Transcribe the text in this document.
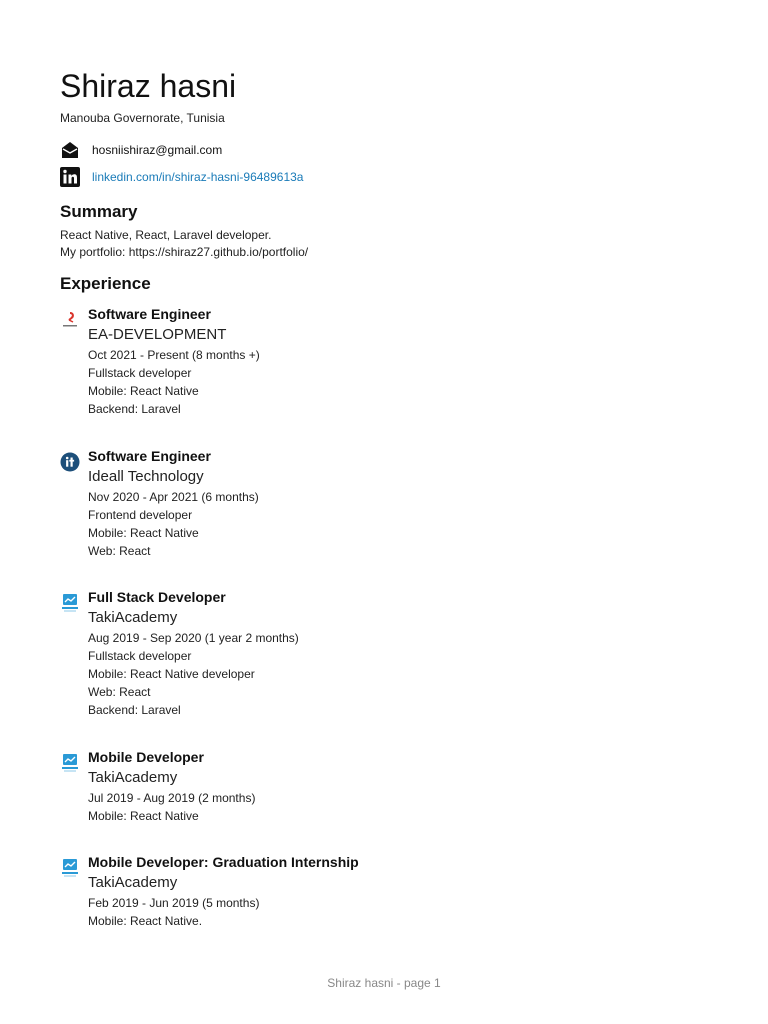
Shiraz hasni
Manouba Governorate, Tunisia
hosniishiraz@gmail.com
linkedin.com/in/shiraz-hasni-96489613a
Summary
React Native, React, Laravel developer.
My portfolio: https://shiraz27.github.io/portfolio/
Experience
Software Engineer
EA-DEVELOPMENT
Oct 2021 - Present (8 months +)
Fullstack developer
Mobile: React Native
Backend: Laravel
Software Engineer
Ideall Technology
Nov 2020 - Apr 2021 (6 months)
Frontend developer
Mobile: React Native
Web: React
Full Stack Developer
TakiAcademy
Aug 2019 - Sep 2020 (1 year 2 months)
Fullstack developer
Mobile: React Native developer
Web: React
Backend: Laravel
Mobile Developer
TakiAcademy
Jul 2019 - Aug 2019 (2 months)
Mobile: React Native
Mobile Developer: Graduation Internship
TakiAcademy
Feb 2019 - Jun 2019 (5 months)
Mobile: React Native.
Shiraz hasni - page 1
